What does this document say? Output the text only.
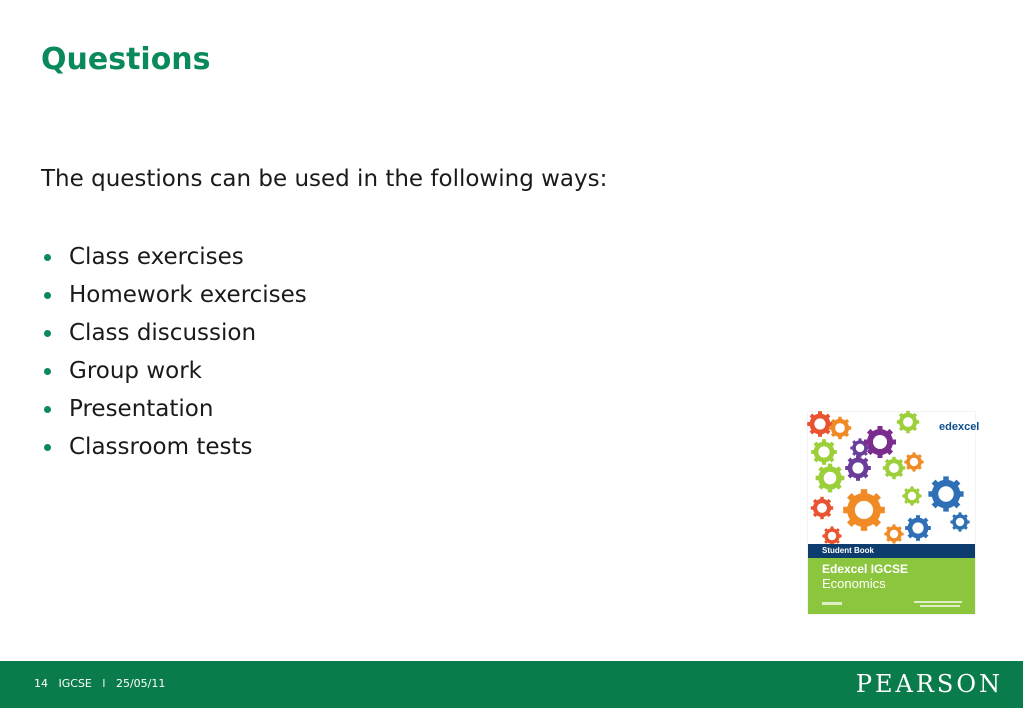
Questions

The questions can be used in the following ways:

Class exercises
Homework exercises
Class discussion
Group work
Presentation
Classroom tests
edexcel
Student Book
Edexcel IGCSE
Economics
14 IGCSE l 25/05/11	PEARSON
